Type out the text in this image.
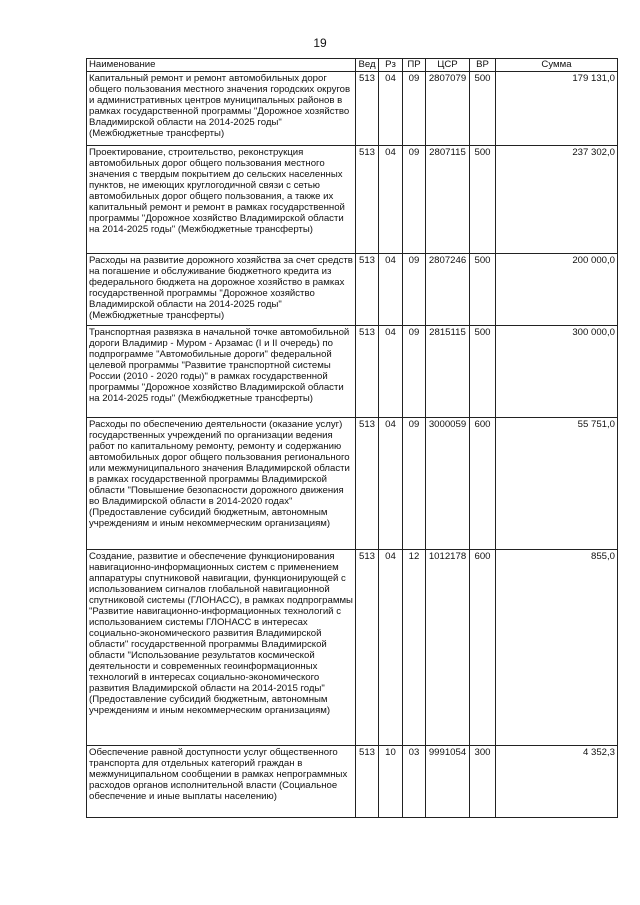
19
Наименование	Вед	Рз	ПР	ЦСР	ВР	Сумма
Капитальный ремонт и ремонт автомобильных дорог общего пользования местного значения городских округов и административных центров муниципальных районов в рамках государственной программы "Дорожное хозяйство Владимирской области на 2014-2025 годы" (Межбюджетные трансферты)	513	04	09	2807079	500	179 131,0
Проектирование, строительство, реконструкция автомобильных дорог общего пользования местного значения с твердым покрытием до сельских населенных пунктов, не имеющих круглогодичной связи с сетью автомобильных дорог общего пользования, а также их капитальный ремонт и ремонт в рамках государственной программы "Дорожное хозяйство Владимирской области на 2014-2025 годы" (Межбюджетные трансферты)	513	04	09	2807115	500	237 302,0
Расходы на развитие дорожного хозяйства за счет средств на погашение и обслуживание бюджетного кредита из федерального бюджета на дорожное хозяйство в рамках государственной программы "Дорожное хозяйство Владимирской области на 2014-2025 годы" (Межбюджетные трансферты)	513	04	09	2807246	500	200 000,0
Транспортная развязка в начальной точке автомобильной дороги Владимир - Муром - Арзамас (I и II очередь) по подпрограмме "Автомобильные дороги" федеральной целевой программы "Развитие транспортной системы России (2010 - 2020 годы)" в рамках государственной программы "Дорожное хозяйство Владимирской области на 2014-2025 годы" (Межбюджетные трансферты)	513	04	09	2815115	500	300 000,0
Расходы по обеспечению деятельности (оказание услуг) государственных учреждений по организации ведения работ по капитальному ремонту, ремонту и содержанию автомобильных дорог общего пользования регионального или межмуниципального значения Владимирской области в рамках государственной программы Владимирской области "Повышение безопасности дорожного движения во Владимирской области в 2014-2020 годах" (Предоставление субсидий бюджетным, автономным учреждениям и иным некоммерческим организациям)	513	04	09	3000059	600	55 751,0
Создание, развитие и обеспечение функционирования навигационно-информационных систем с применением аппаратуры спутниковой навигации, функционирующей с использованием сигналов глобальной навигационной спутниковой системы (ГЛОНАСС), в рамках подпрограммы "Развитие навигационно-информационных технологий с использованием системы ГЛОНАСС в интересах социально-экономического развития Владимирской области" государственной программы Владимирской области "Использование результатов космической деятельности и современных геоинформационных технологий в интересах социально-экономического развития Владимирской области на 2014-2015 годы" (Предоставление субсидий бюджетным, автономным учреждениям и иным некоммерческим организациям)	513	04	12	1012178	600	855,0
Обеспечение равной доступности услуг общественного транспорта для отдельных категорий граждан в межмуниципальном сообщении в рамках непрограммных расходов органов исполнительной власти (Социальное обеспечение и иные выплаты населению)	513	10	03	9991054	300	4 352,3
